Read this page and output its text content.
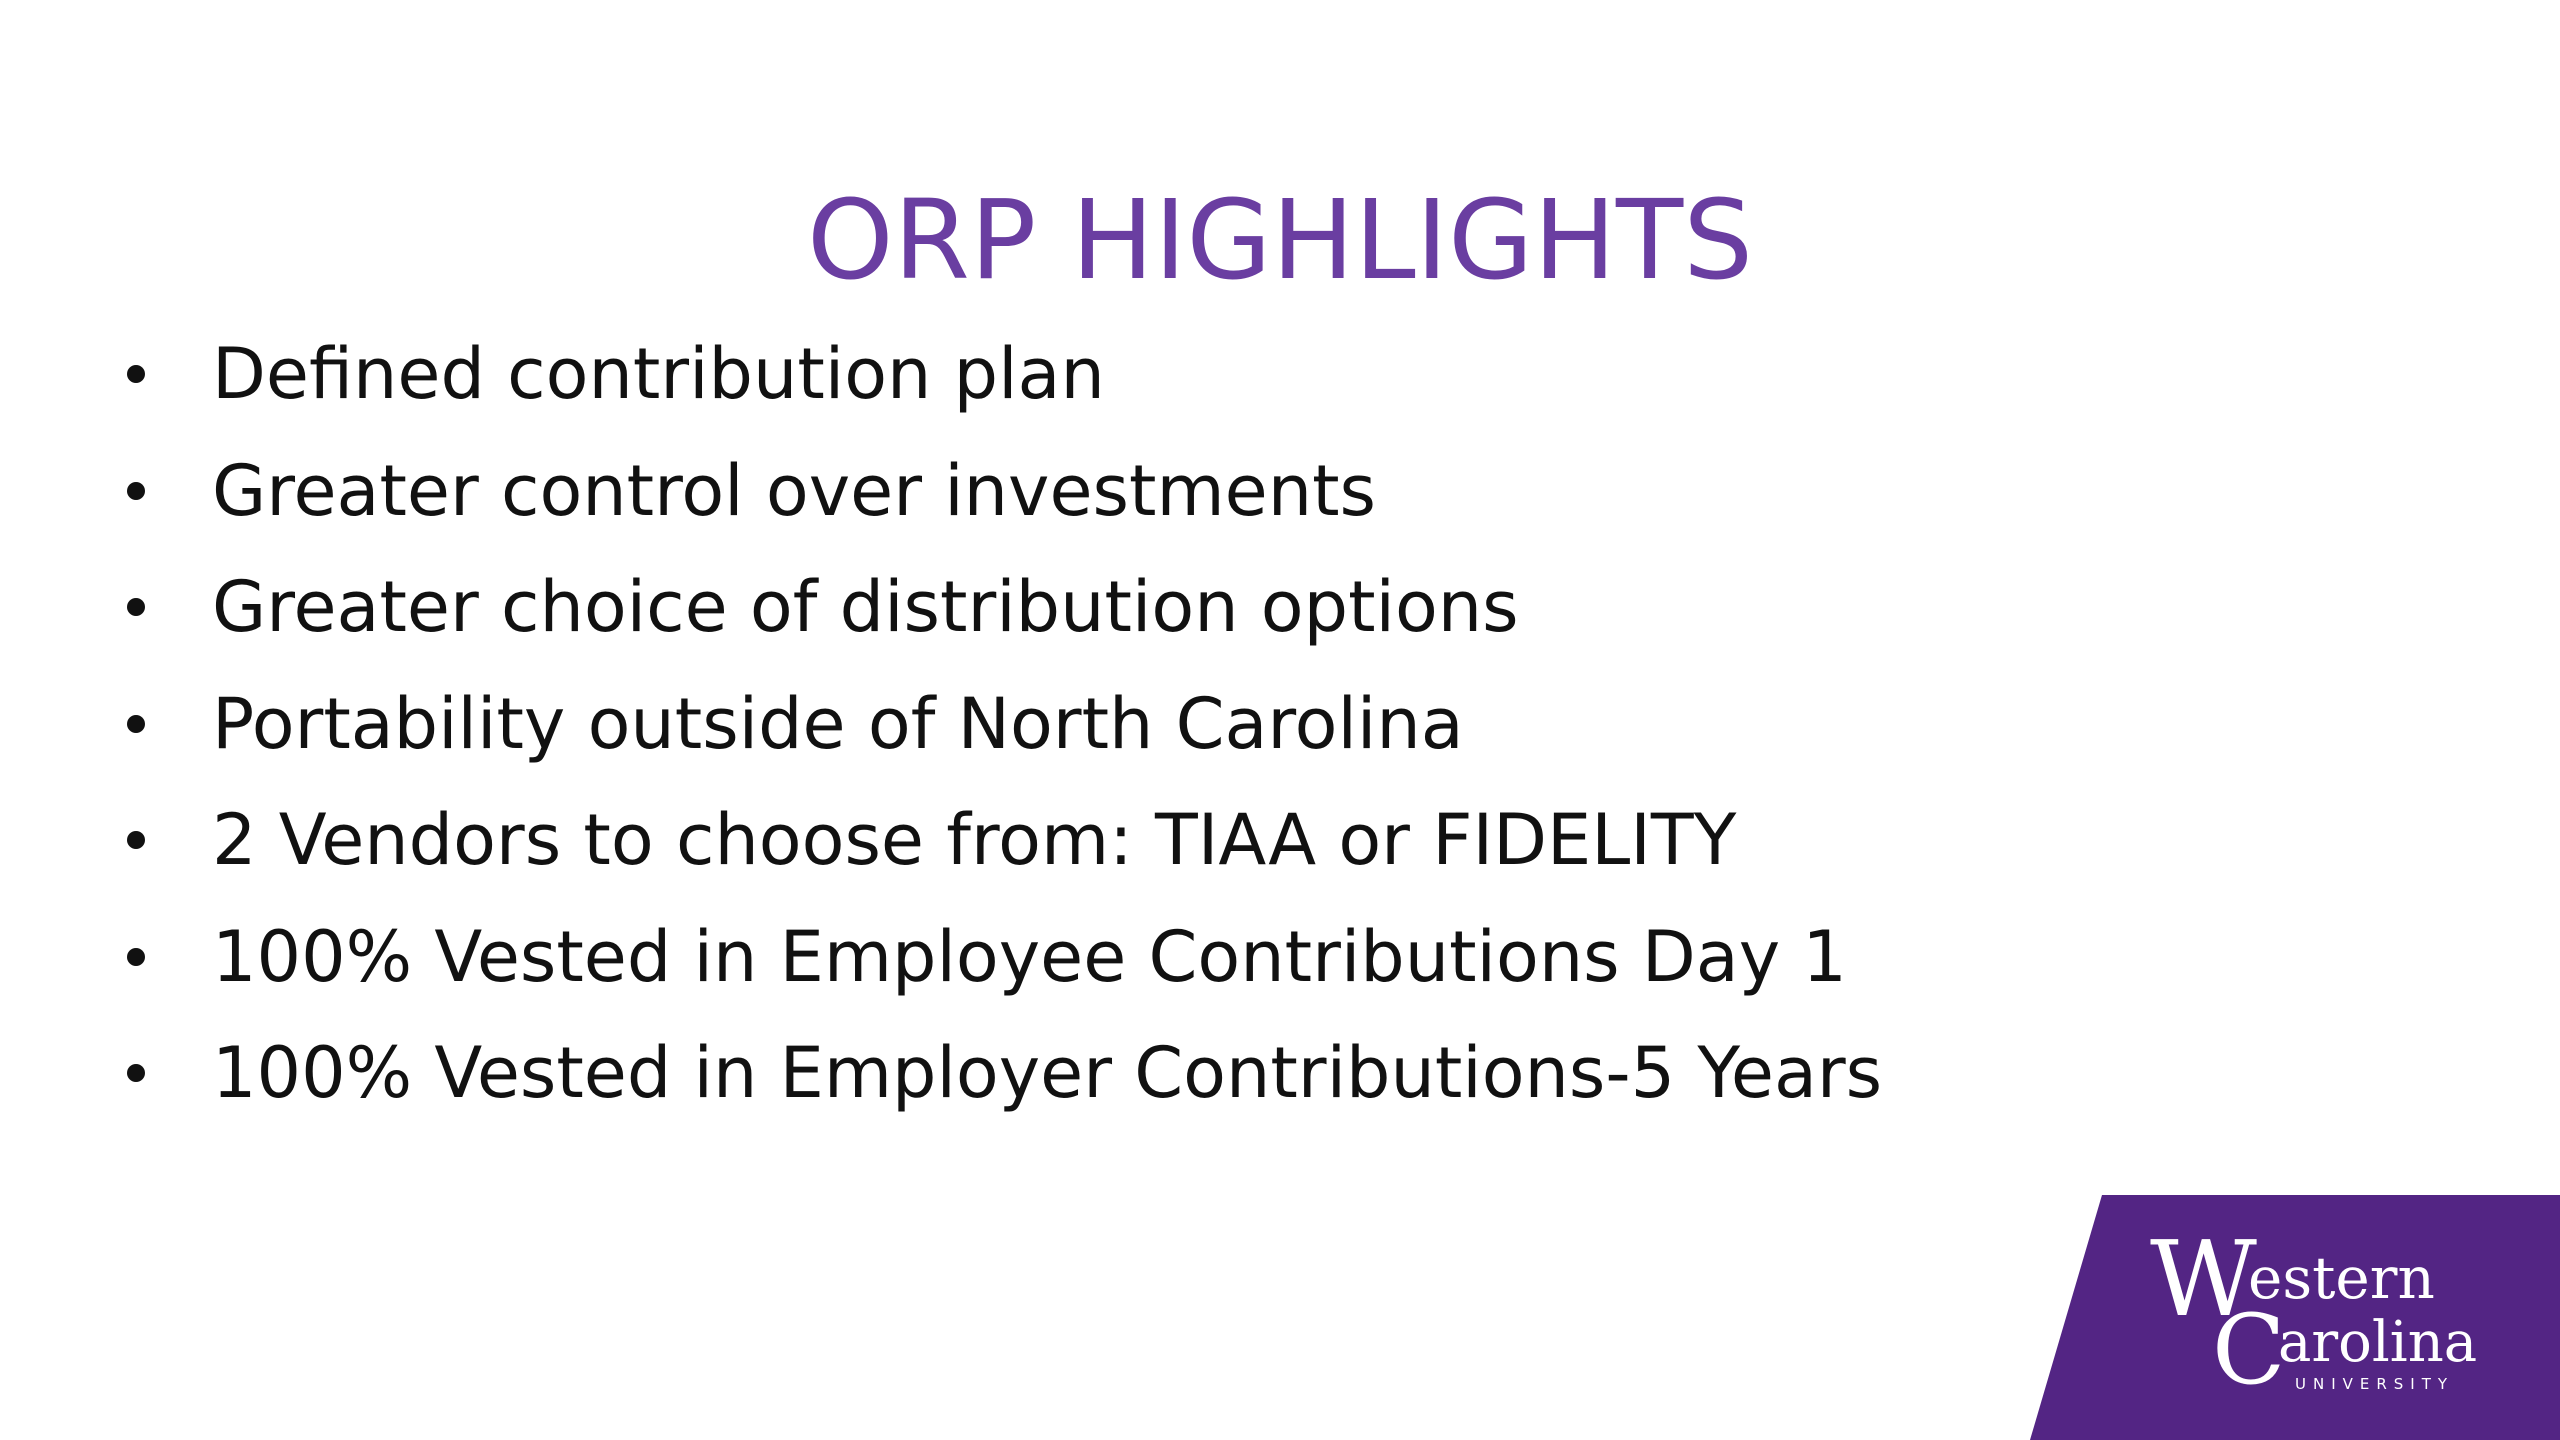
ORP HIGHLIGHTS
Defined contribution plan
Greater control over investments
Greater choice of distribution options
Portability outside of North Carolina
2 Vendors to choose from: TIAA or FIDELITY
100% Vested in Employee Contributions Day 1
100% Vested in Employer Contributions-5 Years
W
estern
C
arolina
UNIVERSITY
